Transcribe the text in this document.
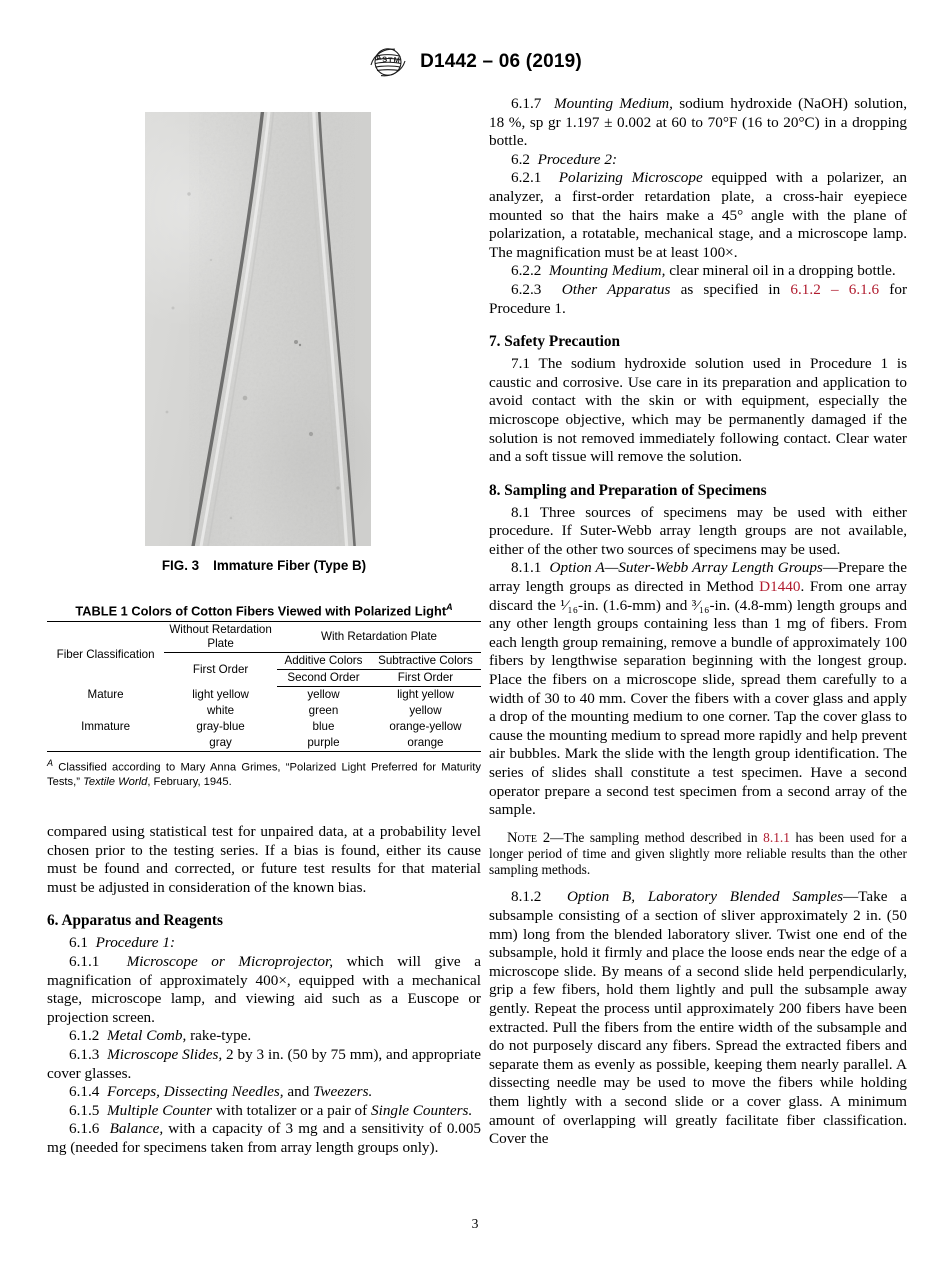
A S T M D1442 – 06 (2019)
FIG. 3 Immature Fiber (Type B)
TABLE 1 Colors of Cotton Fibers Viewed with Polarized Light$^A$
Fiber Classification	Without Retardation Plate	With Retardation Plate	
	First Order	Additive Colors	Subtractive Colors
		Second Order	First Order
Mature	light yellow	yellow	light yellow
	white	green	yellow
Immature	gray-blue	blue	orange-yellow
	gray	purple	orange
$^A$ Classified according to Mary Anna Grimes, “Polarized Light Preferred for Maturity Tests,” Textile World, February, 1945.

compared using statistical test for unpaired data, at a probability level chosen prior to the testing series. If a bias is found, either its cause must be found and corrected, or future test results for that material must be adjusted in consideration of the known bias.

6. Apparatus and Reagents

6.1 Procedure 1:

6.1.1 Microscope or Microprojector, which will give a magnification of approximately 400×, equipped with a mechanical stage, microscope lamp, and viewing aid such as a Euscope or projection screen.

6.1.2 Metal Comb, rake-type.

6.1.3 Microscope Slides, 2 by 3 in. (50 by 75 mm), and appropriate cover glasses.

6.1.4 Forceps, Dissecting Needles, and Tweezers.

6.1.5 Multiple Counter with totalizer or a pair of Single Counters.

6.1.6 Balance, with a capacity of 3 mg and a sensitivity of 0.005 mg (needed for specimens taken from array length groups only).

6.1.7 Mounting Medium, sodium hydroxide (NaOH) solution, 18 %, sp gr 1.197 ± 0.002 at 60 to 70°F (16 to 20°C) in a dropping bottle.

6.2 Procedure 2:

6.2.1 Polarizing Microscope equipped with a polarizer, an analyzer, a first-order retardation plate, a cross-hair eyepiece mounted so that the hairs make a 45° angle with the plane of polarization, a rotatable, mechanical stage, and a microscope lamp. The magnification must be at least 100×.

6.2.2 Mounting Medium, clear mineral oil in a dropping bottle.

6.2.3 Other Apparatus as specified in 6.1.2 – 6.1.6 for Procedure 1.

7. Safety Precaution

7.1 The sodium hydroxide solution used in Procedure 1 is caustic and corrosive. Use care in its preparation and application to avoid contact with the skin or with equipment, especially the microscope objective, which may be permanently damaged if the solution is not removed immediately following contact. Clear water and a soft tissue will remove the solution.

8. Sampling and Preparation of Specimens

8.1 Three sources of specimens may be used with either procedure. If Suter-Webb array length groups are not available, either of the other two sources of specimens may be used.

8.1.1 Option A—Suter-Webb Array Length Groups—Prepare the array length groups as directed in Method D1440. From one array discard the ¹⁄₁₆-in. (1.6-mm) and ³⁄₁₆-in. (4.8-mm) length groups and any other length groups containing less than 1 mg of fibers. From each length group remaining, remove a bundle of approximately 100 fibers by lengthwise separation beginning with the longest group. Place the fibers on a microscope slide, spread them carefully to a width of 30 to 40 mm. Cover the fibers with a cover glass and apply a drop of the mounting medium to one corner. Tap the cover glass to cause the mounting medium to spread more rapidly and help prevent air bubbles. Mark the slide with the length group identification. The series of slides shall constitute a test specimen. Have a second operator prepare a second test specimen from a second array of the sample.

Note 2—The sampling method described in 8.1.1 has been used for a longer period of time and given slightly more reliable results than the other sampling methods.

8.1.2 Option B, Laboratory Blended Samples—Take a subsample consisting of a section of sliver approximately 2 in. (50 mm) long from the blended laboratory sliver. Twist one end of the subsample, hold it firmly and place the loose ends near the edge of a microscope slide. By means of a second slide held perpendicularly, grip a few fibers, hold them lightly and pull the subsample away gently. Repeat the process until approximately 200 fibers have been extracted. Pull the fibers from the entire width of the subsample and do not purposely discard any fibers. Spread the extracted fibers and separate them as evenly as possible, keeping them nearly parallel. A dissecting needle may be used to move the fibers while holding them lightly with a second slide or a cover glass. A minimum amount of overlapping will greatly facilitate fiber classification. Cover the

3
